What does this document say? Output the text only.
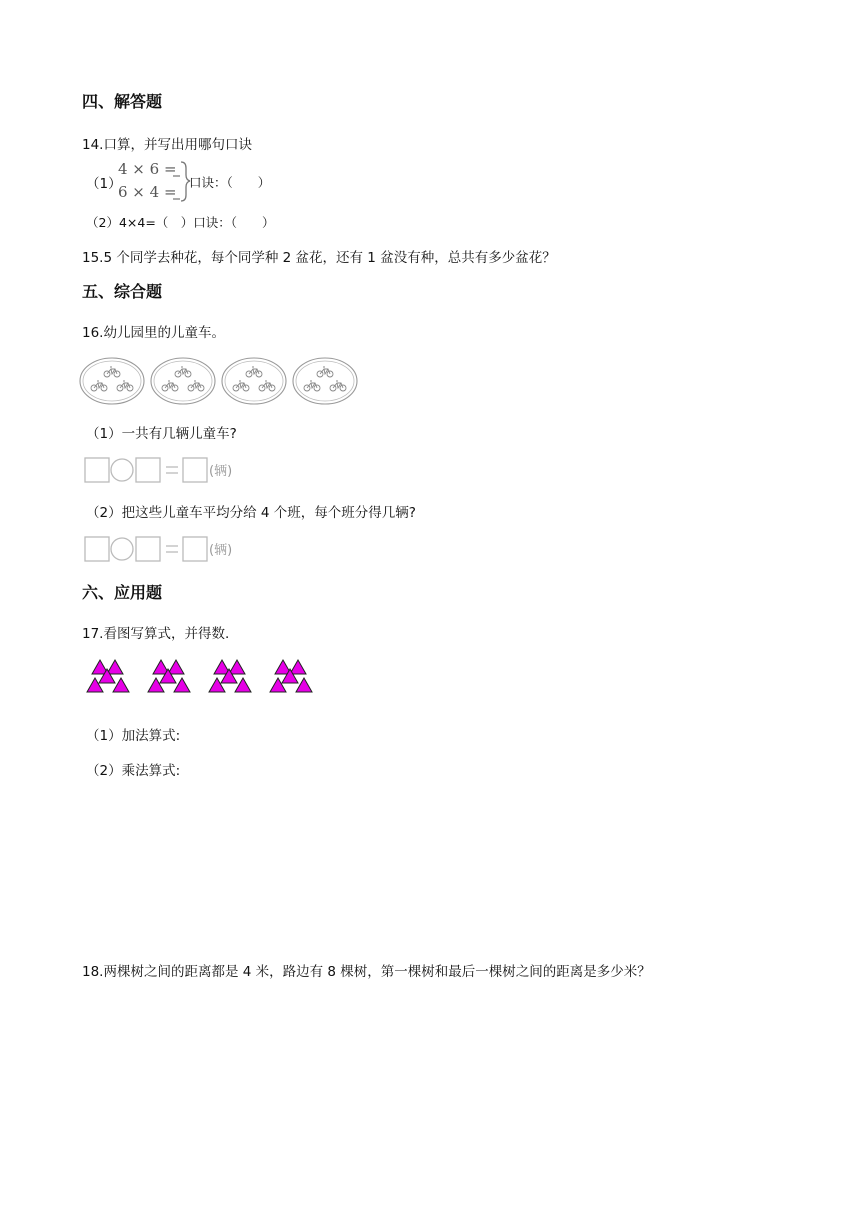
四、解答题
14.口算，并写出用哪句口诀
（1）
4 × 6 =
6 × 4 =
口诀：（　　）
（2）4×4=（　）口诀：（　　）
15.5 个同学去种花，每个同学种 2 盆花，还有 1 盆没有种，总共有多少盆花？
五、综合题
16.幼儿园里的儿童车。
（1）一共有几辆儿童车?
(辆)
（2）把这些儿童车平均分给 4 个班，每个班分得几辆?
(辆)
六、应用题
17.看图写算式，并得数.
（1）加法算式:
（2）乘法算式:
18.两棵树之间的距离都是 4 米，路边有 8 棵树，第一棵树和最后一棵树之间的距离是多少米？
